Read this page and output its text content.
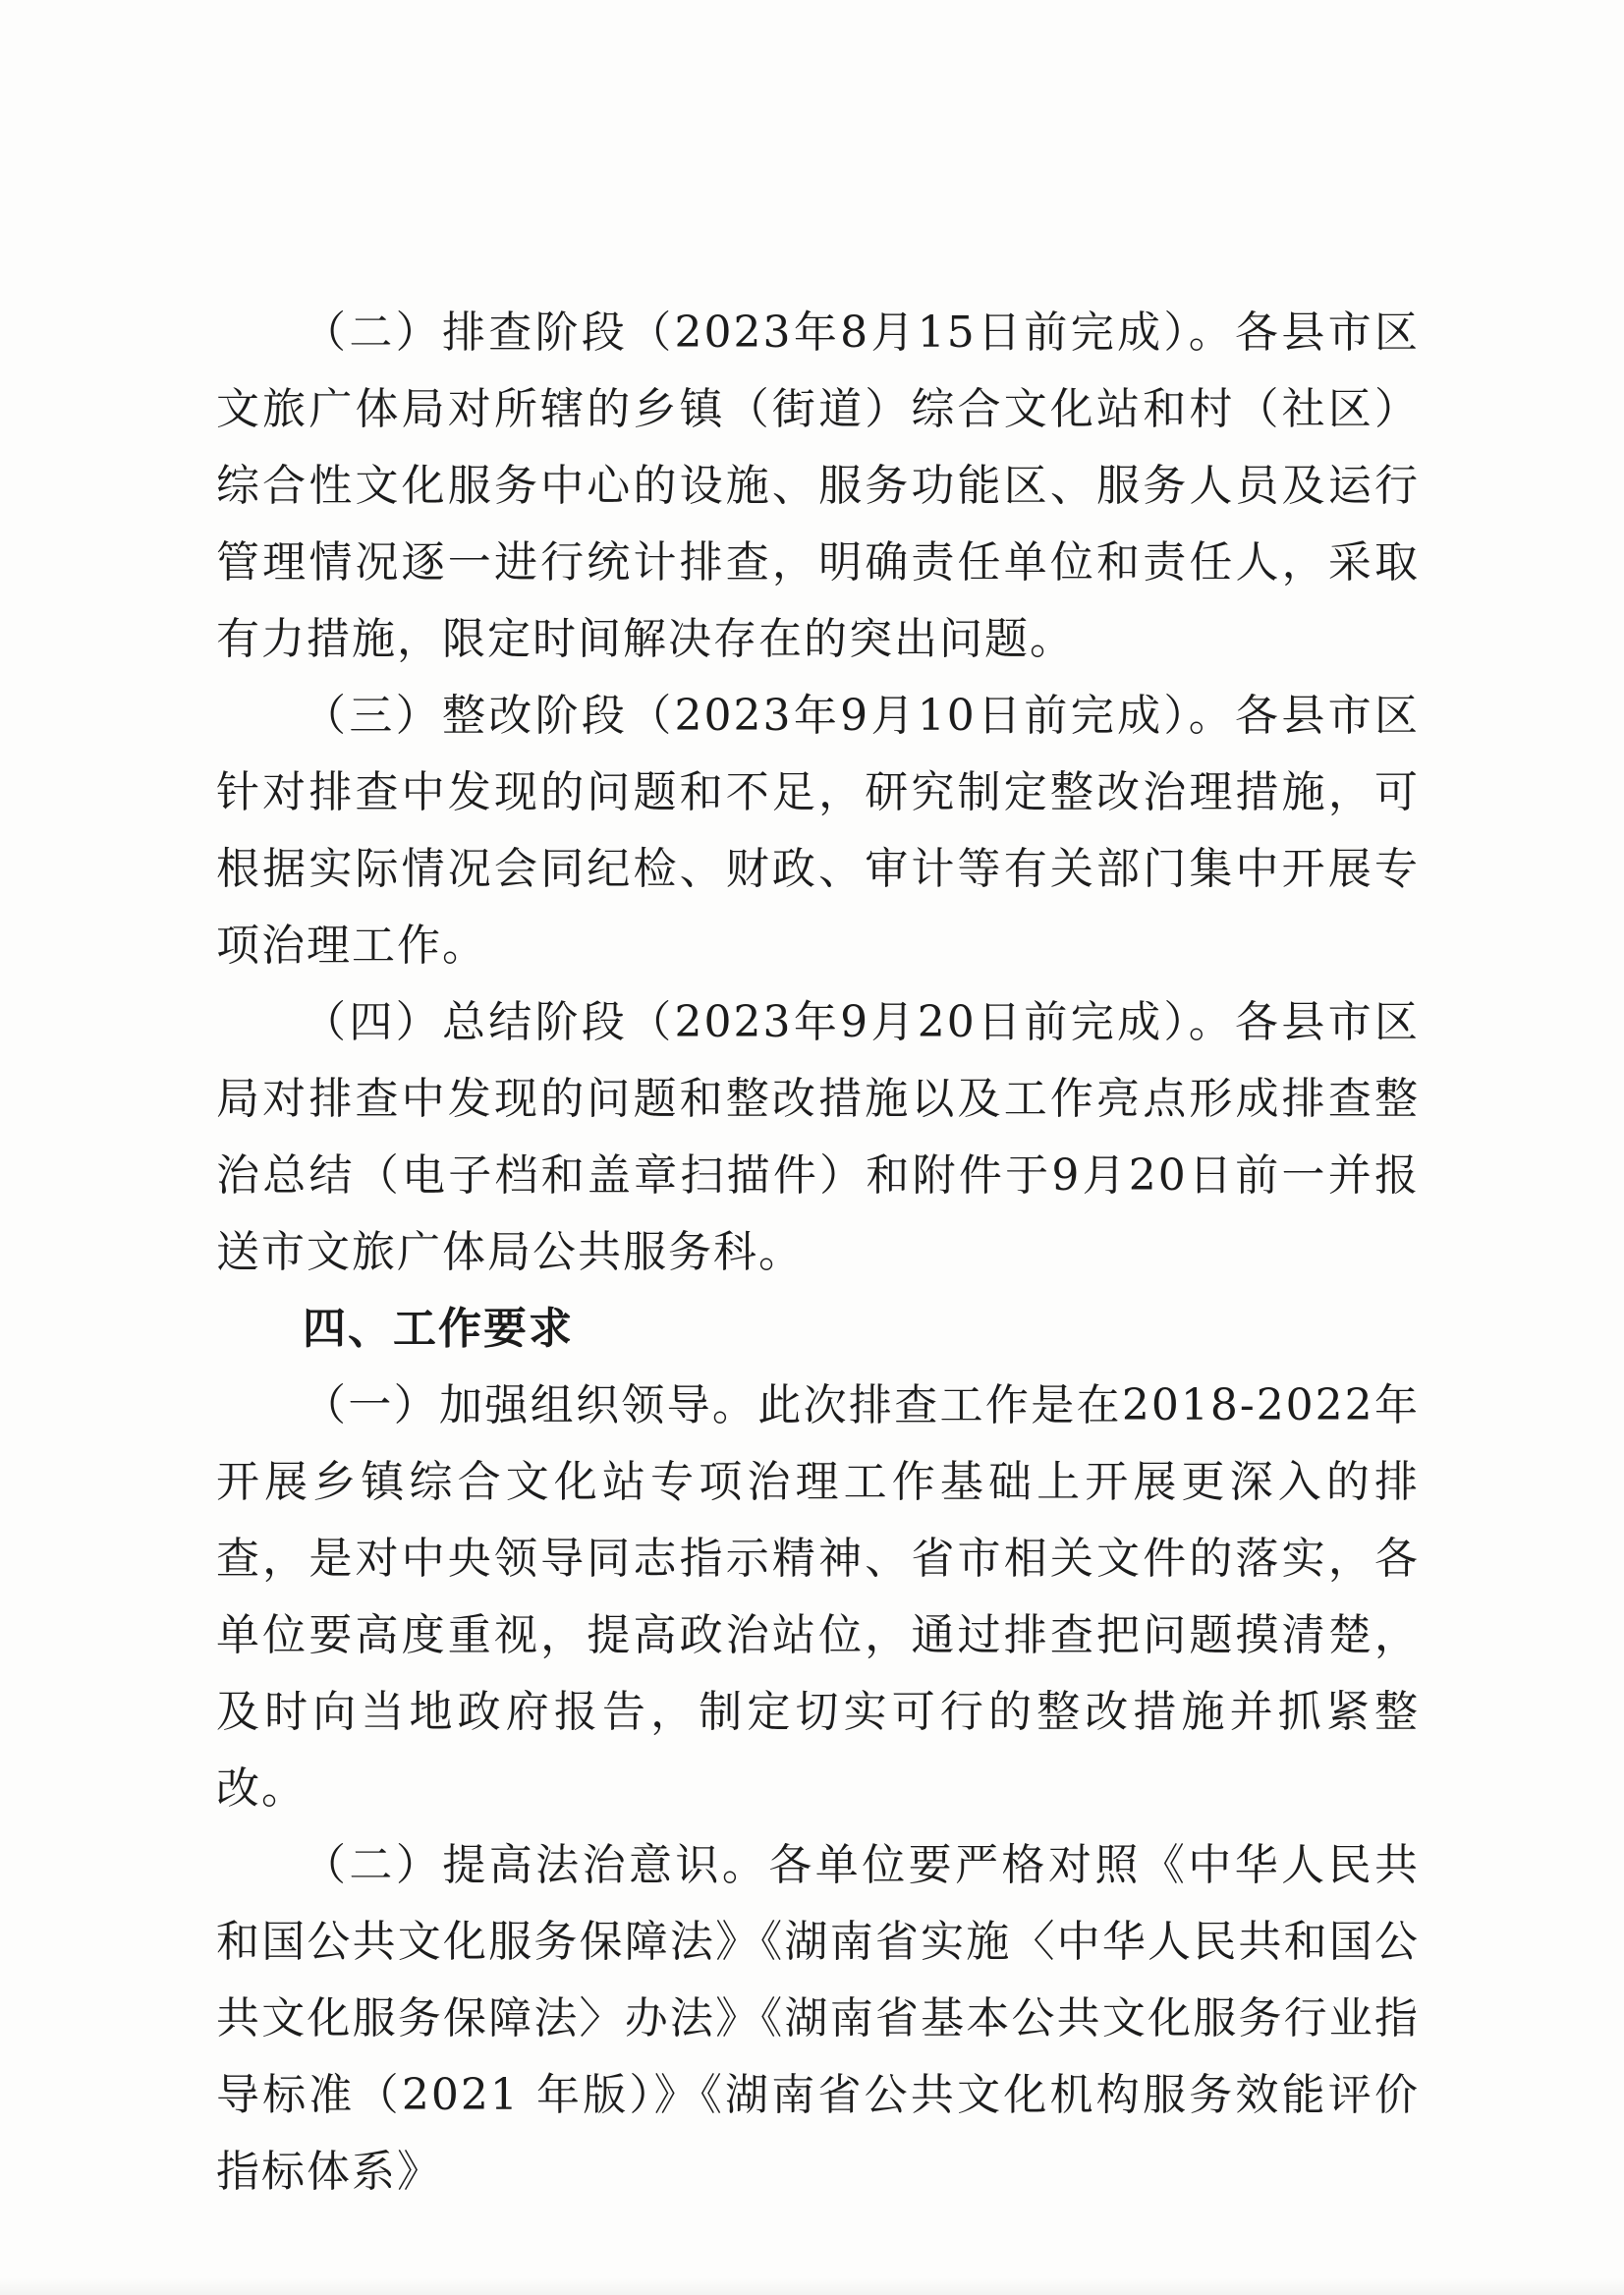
（二）排查阶段（2023年8月15日前完成）。各县市区文旅广体局对所辖的乡镇（街道）综合文化站和村（社区）综合性文化服务中心的设施、服务功能区、服务人员及运行管理情况逐一进行统计排查，明确责任单位和责任人，采取有力措施，限定时间解决存在的突出问题。

（三）整改阶段（2023年9月10日前完成）。各县市区针对排查中发现的问题和不足，研究制定整改治理措施，可根据实际情况会同纪检、财政、审计等有关部门集中开展专项治理工作。

（四）总结阶段（2023年9月20日前完成）。各县市区局对排查中发现的问题和整改措施以及工作亮点形成排查整治总结（电子档和盖章扫描件）和附件于9月20日前一并报送市文旅广体局公共服务科。

四、工作要求

（一）加强组织领导。此次排查工作是在2018-2022年开展乡镇综合文化站专项治理工作基础上开展更深入的排查，是对中央领导同志指示精神、省市相关文件的落实，各单位要高度重视，提高政治站位，通过排查把问题摸清楚，及时向当地政府报告，制定切实可行的整改措施并抓紧整改。

（二）提高法治意识。各单位要严格对照《中华人民共和国公共文化服务保障法》《湖南省实施〈中华人民共和国公共文化服务保障法〉办法》《湖南省基本公共文化服务行业指导标准（2021 年版）》《湖南省公共文化机构服务效能评价指标体系》
